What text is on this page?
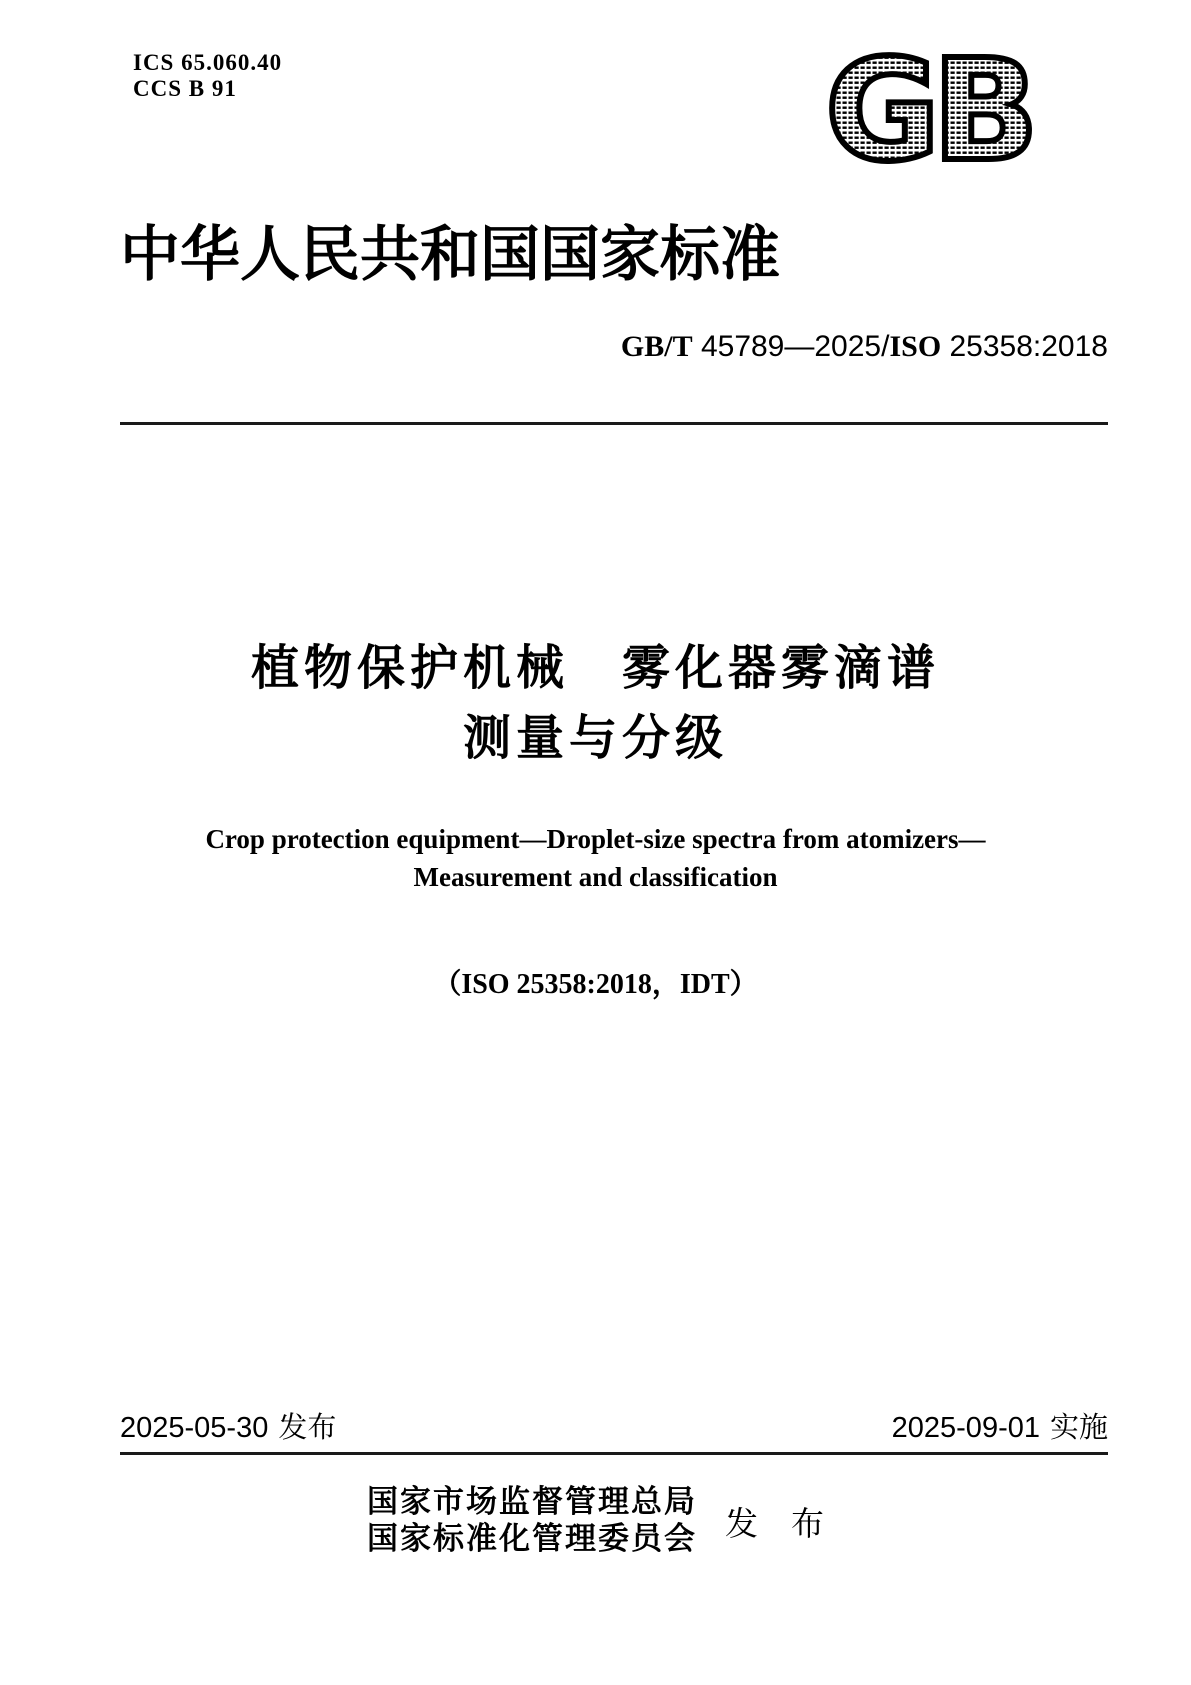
ICS 65.060.40
CCS B 91	GB
中华人民共和国国家标准
GB/T 45789—2025/ISO 25358:2018
植物保护机械　雾化器雾滴谱
测量与分级
Crop protection equipment—Droplet-size spectra from atomizers—
Measurement and classification
（ISO 25358:2018，IDT）
2025-05-30 发布	2025-09-01 实施
国家市场监督管理总局
国家标准化管理委员会 发　布
